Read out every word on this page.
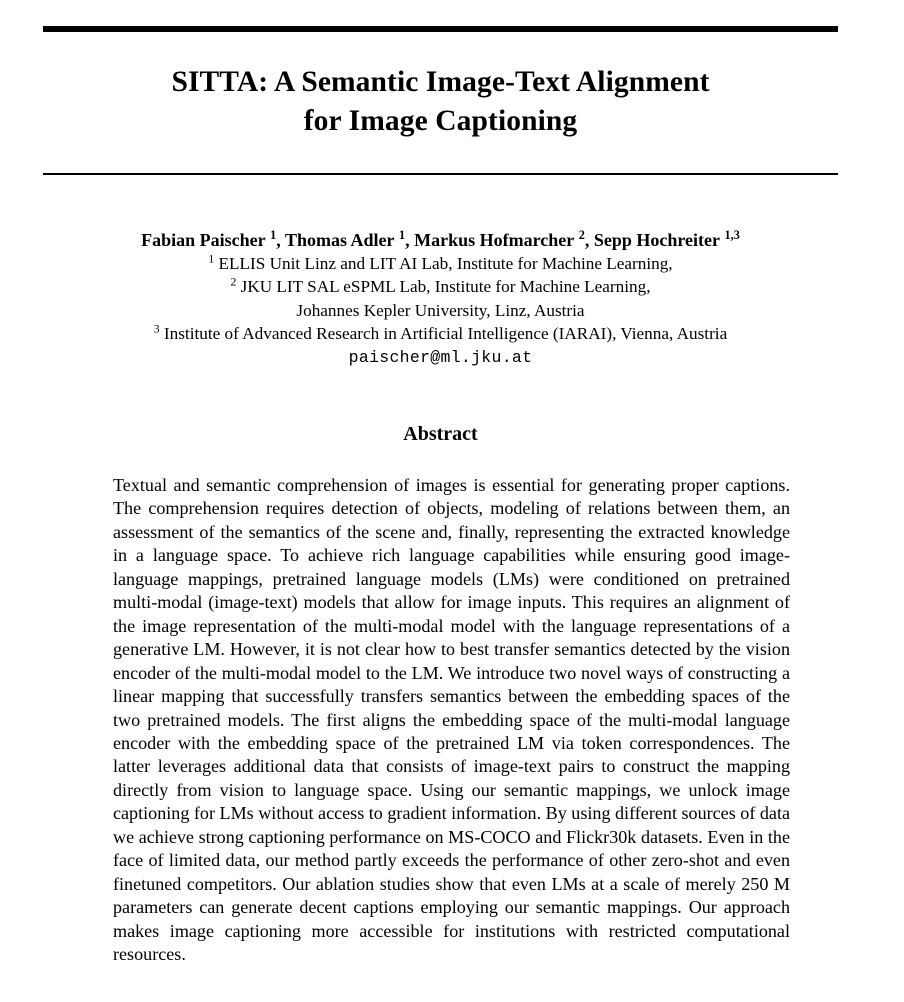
SITTA: A Semantic Image-Text Alignment
for Image Captioning
Fabian Paischer $^1$, Thomas Adler $^1$, Markus Hofmarcher $^2$, Sepp Hochreiter $^{1,3}$
$^1$ ELLIS Unit Linz and LIT AI Lab, Institute for Machine Learning,
$^2$ JKU LIT SAL eSPML Lab, Institute for Machine Learning,
Johannes Kepler University, Linz, Austria
$^3$ Institute of Advanced Research in Artificial Intelligence (IARAI), Vienna, Austria
paischer@ml.jku.at
Abstract

Textual and semantic comprehension of images is essential for generating proper captions. The comprehension requires detection of objects, modeling of relations between them, an assessment of the semantics of the scene and, finally, representing the extracted knowledge in a language space. To achieve rich language capabilities while ensuring good image-language mappings, pretrained language models (LMs) were conditioned on pretrained multi-modal (image-text) models that allow for image inputs. This requires an alignment of the image representation of the multi-modal model with the language representations of a generative LM. However, it is not clear how to best transfer semantics detected by the vision encoder of the multi-modal model to the LM. We introduce two novel ways of constructing a linear mapping that successfully transfers semantics between the embedding spaces of the two pretrained models. The first aligns the embedding space of the multi-modal language encoder with the embedding space of the pretrained LM via token correspondences. The latter leverages additional data that consists of image-text pairs to construct the mapping directly from vision to language space. Using our semantic mappings, we unlock image captioning for LMs without access to gradient information. By using different sources of data we achieve strong captioning performance on MS-COCO and Flickr30k datasets. Even in the face of limited data, our method partly exceeds the performance of other zero-shot and even finetuned competitors. Our ablation studies show that even LMs at a scale of merely 250 M parameters can generate decent captions employing our semantic mappings. Our approach makes image captioning more accessible for institutions with restricted computational resources.
